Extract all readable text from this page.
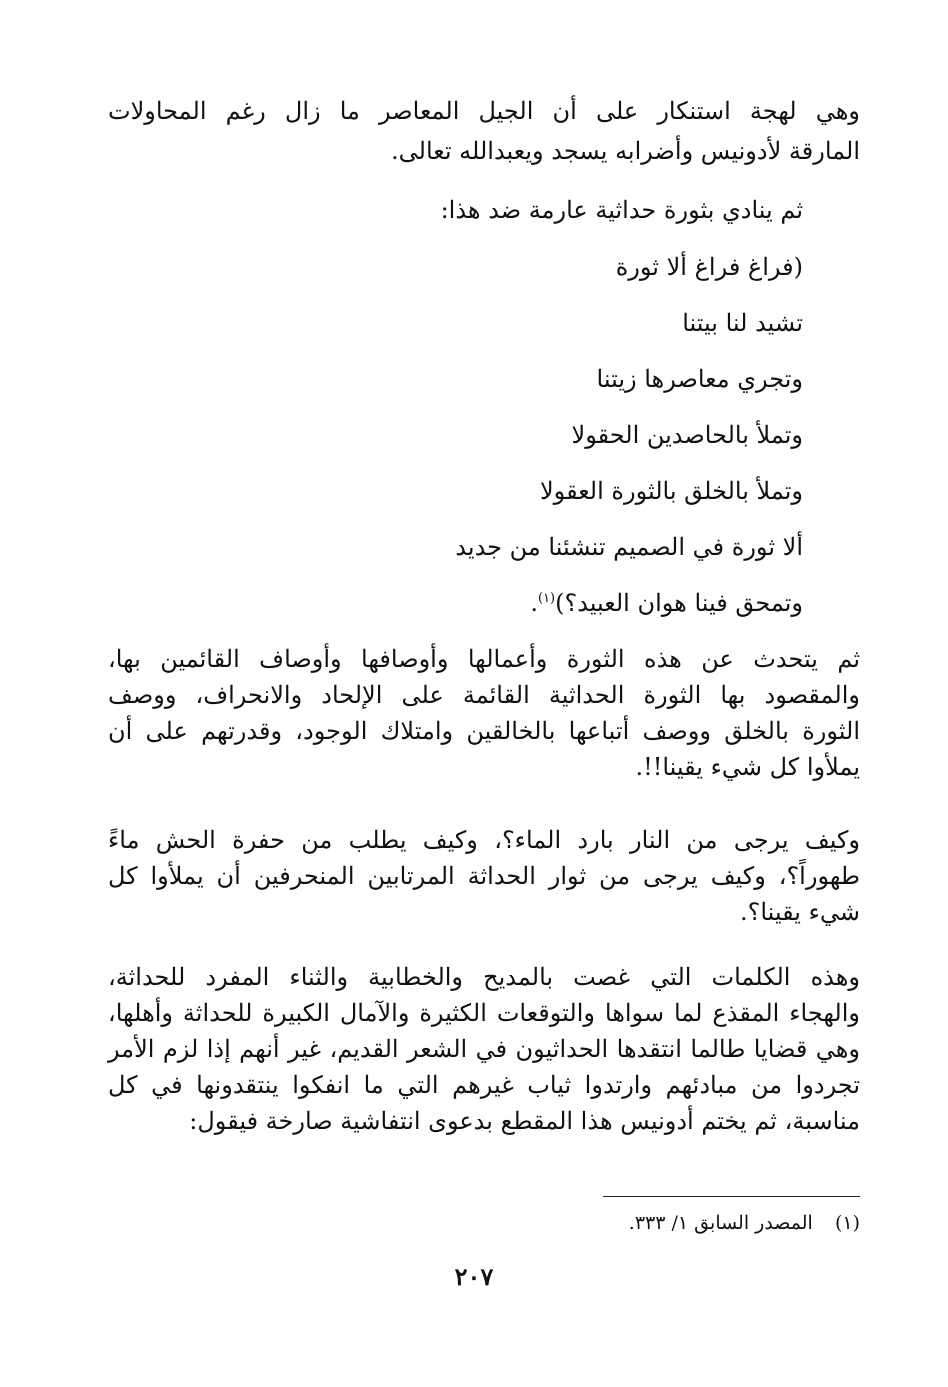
وهي لهجة استنكار على أن الجيل المعاصر ما زال رغم المحاولات
المارقة لأدونيس وأضرابه يسجد ويعبدالله تعالى.
ثم ينادي بثورة حداثية عارمة ضد هذا:
(فراغ فراغ ألا ثورة
تشيد لنا بيتنا
وتجري معاصرها زيتنا
وتملأ بالحاصدين الحقولا
وتملأ بالخلق بالثورة العقولا
ألا ثورة في الصميم تنشئنا من جديد
وتمحق فينا هوان العبيد؟)$^{(١)}$.
ثم يتحدث عن هذه الثورة وأعمالها وأوصافها وأوصاف القائمين بها،
والمقصود بها الثورة الحداثية القائمة على الإلحاد والانحراف، ووصف
الثورة بالخلق ووصف أتباعها بالخالقين وامتلاك الوجود، وقدرتهم على أن
يملأوا كل شيء يقينا!!.
وكيف يرجى من النار بارد الماء؟، وكيف يطلب من حفرة الحش ماءً
طهوراً؟، وكيف يرجى من ثوار الحداثة المرتابين المنحرفين أن يملأوا كل
شيء يقينا؟.
وهذه الكلمات التي غصت بالمديح والخطابية والثناء المفرد للحداثة،
والهجاء المقذع لما سواها والتوقعات الكثيرة والآمال الكبيرة للحداثة وأهلها،
وهي قضايا طالما انتقدها الحداثيون في الشعر القديم، غير أنهم إذا لزم الأمر
تجردوا من مبادئهم وارتدوا ثياب غيرهم التي ما انفكوا ينتقدونها في كل
مناسبة، ثم يختم أدونيس هذا المقطع بدعوى انتفاشية صارخة فيقول:
(١)  المصدر السابق ١/ ٣٣٣.
٢٠٧
